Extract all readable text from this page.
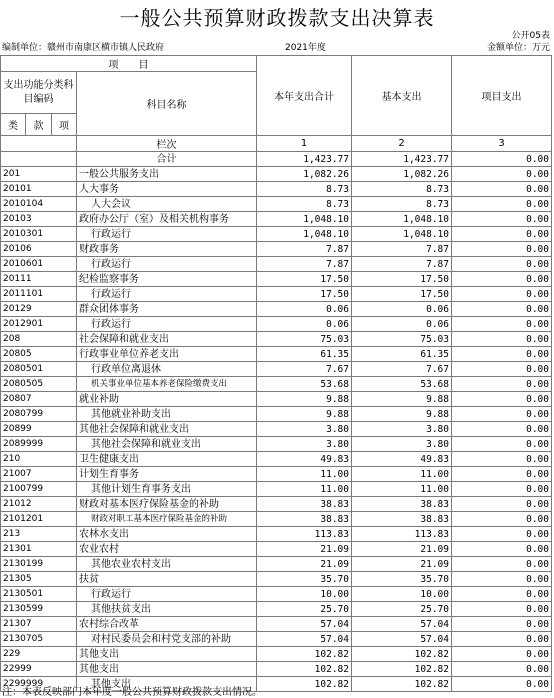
一般公共预算财政拨款支出决算表
公开05表
编制单位：赣州市南康区横市镇人民政府	2021年度	金额单位：万元
项　　目				本年支出合计	基本支出	项目支出
支出功能分类科目编码			科目名称			
类	款	项				

			栏次	1	2	3
			合计	1,423.77	1,423.77	0.00
201			一般公共服务支出	1,082.26	1,082.26	0.00
20101			人大事务	8.73	8.73	0.00
2010104			人大会议	8.73	8.73	0.00
20103			政府办公厅（室）及相关机构事务	1,048.10	1,048.10	0.00
2010301			行政运行	1,048.10	1,048.10	0.00
20106			财政事务	7.87	7.87	0.00
2010601			行政运行	7.87	7.87	0.00
20111			纪检监察事务	17.50	17.50	0.00
2011101			行政运行	17.50	17.50	0.00
20129			群众团体事务	0.06	0.06	0.00
2012901			行政运行	0.06	0.06	0.00
208			社会保障和就业支出	75.03	75.03	0.00
20805			行政事业单位养老支出	61.35	61.35	0.00
2080501			行政单位离退休	7.67	7.67	0.00
2080505			机关事业单位基本养老保险缴费支出	53.68	53.68	0.00
20807			就业补助	9.88	9.88	0.00
2080799			其他就业补助支出	9.88	9.88	0.00
20899			其他社会保障和就业支出	3.80	3.80	0.00
2089999			其他社会保障和就业支出	3.80	3.80	0.00
210			卫生健康支出	49.83	49.83	0.00
21007			计划生育事务	11.00	11.00	0.00
2100799			其他计划生育事务支出	11.00	11.00	0.00
21012			财政对基本医疗保险基金的补助	38.83	38.83	0.00
2101201			财政对职工基本医疗保险基金的补助	38.83	38.83	0.00
213			农林水支出	113.83	113.83	0.00
21301			农业农村	21.09	21.09	0.00
2130199			其他农业农村支出	21.09	21.09	0.00
21305			扶贫	35.70	35.70	0.00
2130501			行政运行	10.00	10.00	0.00
2130599			其他扶贫支出	25.70	25.70	0.00
21307			农村综合改革	57.04	57.04	0.00
2130705			对村民委员会和村党支部的补助	57.04	57.04	0.00
229			其他支出	102.82	102.82	0.00
22999			其他支出	102.82	102.82	0.00
2299999			其他支出	102.82	102.82	0.00
注：本表反映部门本年度一般公共预算财政拨款支出情况。
